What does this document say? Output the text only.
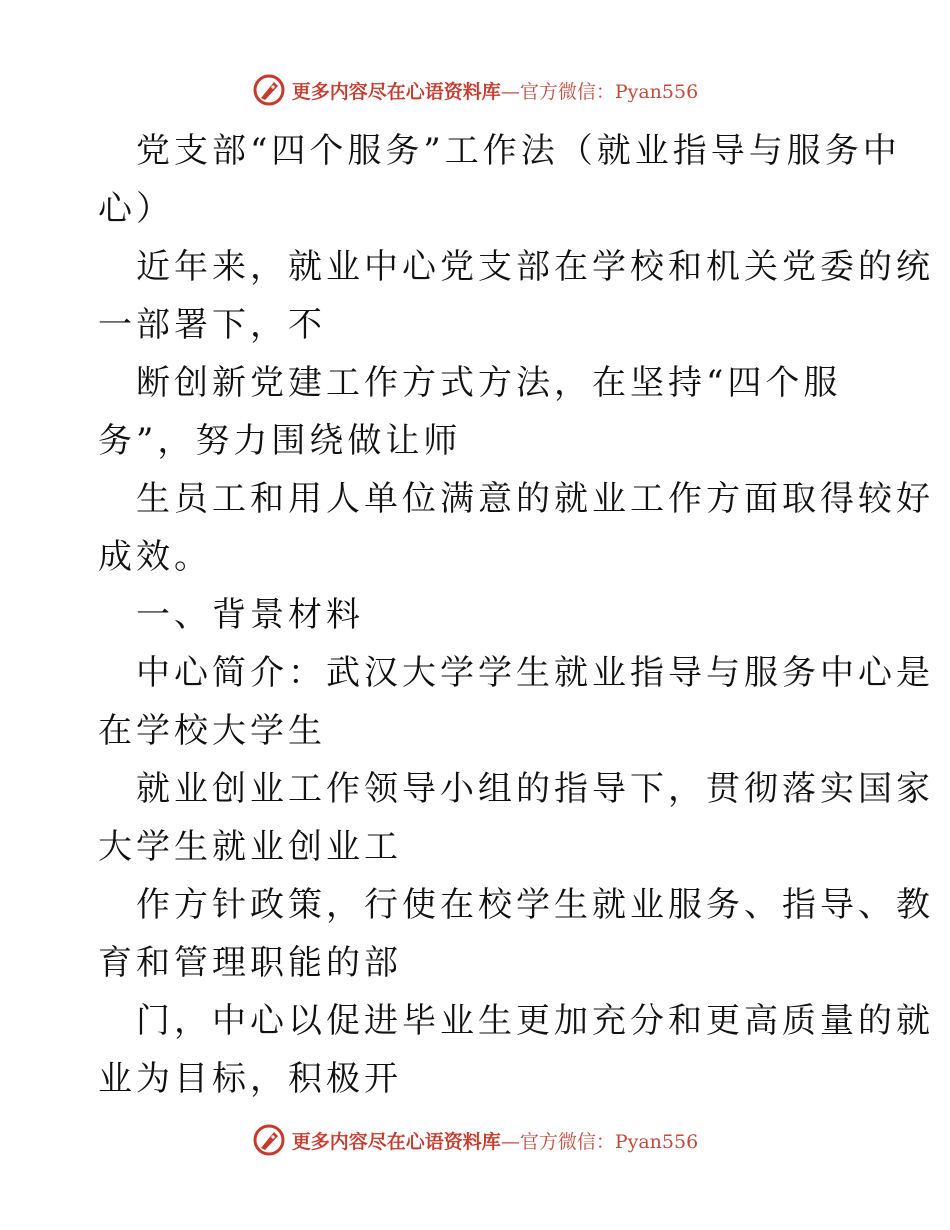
更多内容尽在心语资料库—官方微信：Pyan556

党支部“四个服务”工作法（就业指导与服务中

心）

近年来，就业中心党支部在学校和机关党委的统

一部署下，不

断创新党建工作方式方法，在坚持“四个服

务”，努力围绕做让师

生员工和用人单位满意的就业工作方面取得较好

成效。

一、背景材料

中心简介：武汉大学学生就业指导与服务中心是

在学校大学生

就业创业工作领导小组的指导下，贯彻落实国家

大学生就业创业工

作方针政策，行使在校学生就业服务、指导、教

育和管理职能的部

门，中心以促进毕业生更加充分和更高质量的就

业为目标，积极开

更多内容尽在心语资料库—官方微信：Pyan556
